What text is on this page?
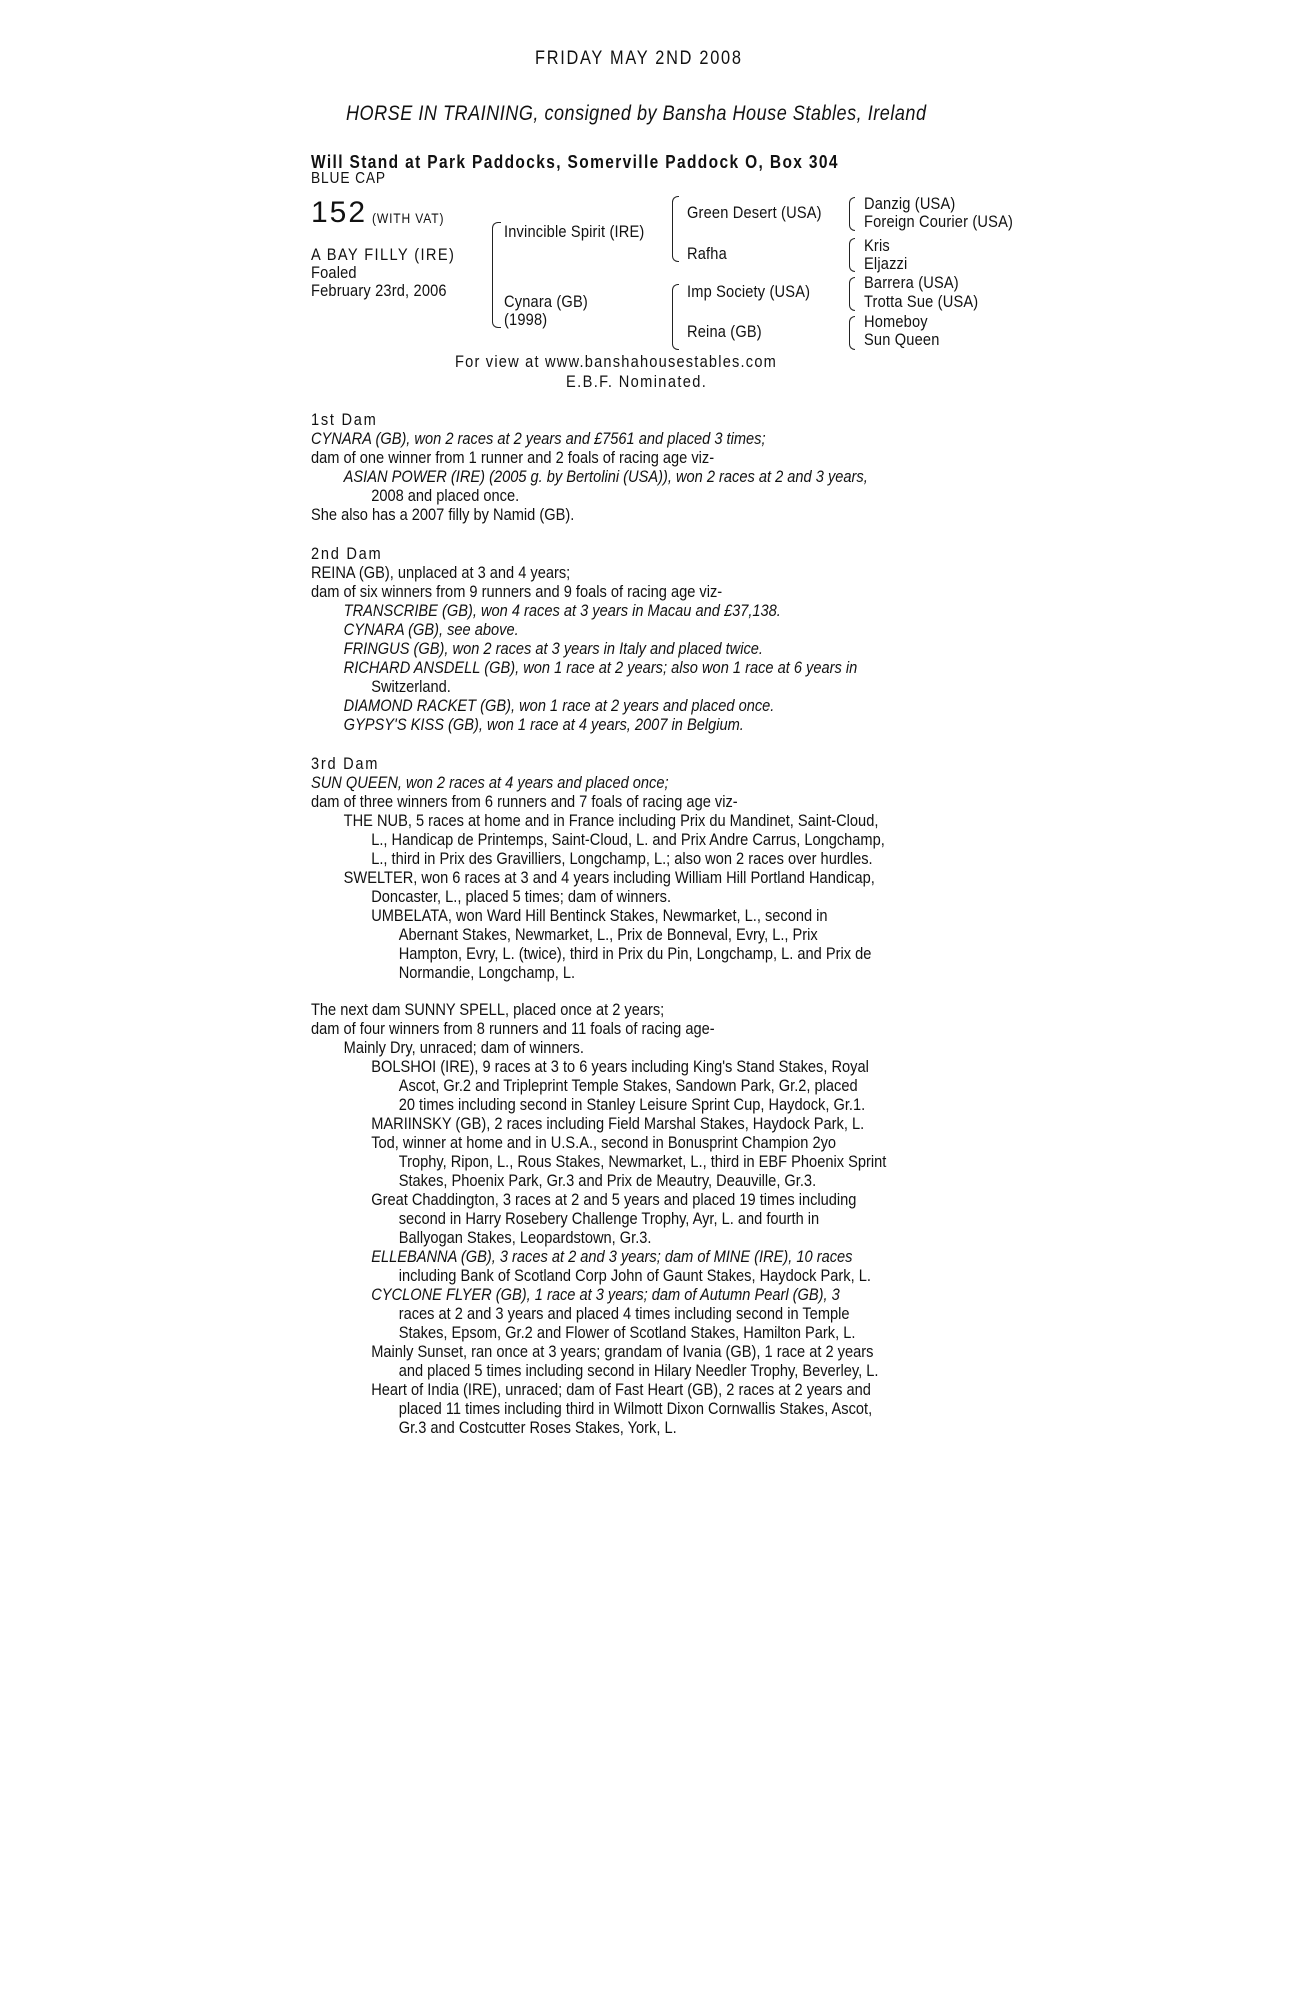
FRIDAY MAY 2ND 2008
HORSE IN TRAINING, consigned by Bansha House Stables, Ireland
Will Stand at Park Paddocks, Somerville Paddock O, Box 304
BLUE CAP
152 (WITH VAT)
A BAY FILLY (IRE)
Foaled
February 23rd, 2006
Invincible Spirit (IRE)
Cynara (GB)
(1998)
Green Desert (USA)
Rafha
Imp Society (USA)
Reina (GB)
Danzig (USA)
Foreign Courier (USA)
Kris
Eljazzi
Barrera (USA)
Trotta Sue (USA)
Homeboy
Sun Queen
For view at www.banshahousestables.com
E.B.F. Nominated.
1st Dam
CYNARA (GB), won 2 races at 2 years and £7561 and placed 3 times;
dam of one winner from 1 runner and 2 foals of racing age viz-
ASIAN POWER (IRE) (2005 g. by Bertolini (USA)), won 2 races at 2 and 3 years,
2008 and placed once.
She also has a 2007 filly by Namid (GB).
2nd Dam
REINA (GB), unplaced at 3 and 4 years;
dam of six winners from 9 runners and 9 foals of racing age viz-
TRANSCRIBE (GB), won 4 races at 3 years in Macau and £37,138.
CYNARA (GB), see above.
FRINGUS (GB), won 2 races at 3 years in Italy and placed twice.
RICHARD ANSDELL (GB), won 1 race at 2 years; also won 1 race at 6 years in
Switzerland.
DIAMOND RACKET (GB), won 1 race at 2 years and placed once.
GYPSY'S KISS (GB), won 1 race at 4 years, 2007 in Belgium.
3rd Dam
SUN QUEEN, won 2 races at 4 years and placed once;
dam of three winners from 6 runners and 7 foals of racing age viz-
THE NUB, 5 races at home and in France including Prix du Mandinet, Saint-Cloud,
L., Handicap de Printemps, Saint-Cloud, L. and Prix Andre Carrus, Longchamp,
L., third in Prix des Gravilliers, Longchamp, L.; also won 2 races over hurdles.
SWELTER, won 6 races at 3 and 4 years including William Hill Portland Handicap,
Doncaster, L., placed 5 times; dam of winners.
UMBELATA, won Ward Hill Bentinck Stakes, Newmarket, L., second in
Abernant Stakes, Newmarket, L., Prix de Bonneval, Evry, L., Prix
Hampton, Evry, L. (twice), third in Prix du Pin, Longchamp, L. and Prix de
Normandie, Longchamp, L.
The next dam SUNNY SPELL, placed once at 2 years;
dam of four winners from 8 runners and 11 foals of racing age-
Mainly Dry, unraced; dam of winners.
BOLSHOI (IRE), 9 races at 3 to 6 years including King's Stand Stakes, Royal
Ascot, Gr.2 and Tripleprint Temple Stakes, Sandown Park, Gr.2, placed
20 times including second in Stanley Leisure Sprint Cup, Haydock, Gr.1.
MARIINSKY (GB), 2 races including Field Marshal Stakes, Haydock Park, L.
Tod, winner at home and in U.S.A., second in Bonusprint Champion 2yo
Trophy, Ripon, L., Rous Stakes, Newmarket, L., third in EBF Phoenix Sprint
Stakes, Phoenix Park, Gr.3 and Prix de Meautry, Deauville, Gr.3.
Great Chaddington, 3 races at 2 and 5 years and placed 19 times including
second in Harry Rosebery Challenge Trophy, Ayr, L. and fourth in
Ballyogan Stakes, Leopardstown, Gr.3.
ELLEBANNA (GB), 3 races at 2 and 3 years; dam of MINE (IRE), 10 races
including Bank of Scotland Corp John of Gaunt Stakes, Haydock Park, L.
CYCLONE FLYER (GB), 1 race at 3 years; dam of Autumn Pearl (GB), 3
races at 2 and 3 years and placed 4 times including second in Temple
Stakes, Epsom, Gr.2 and Flower of Scotland Stakes, Hamilton Park, L.
Mainly Sunset, ran once at 3 years; grandam of Ivania (GB), 1 race at 2 years
and placed 5 times including second in Hilary Needler Trophy, Beverley, L.
Heart of India (IRE), unraced; dam of Fast Heart (GB), 2 races at 2 years and
placed 11 times including third in Wilmott Dixon Cornwallis Stakes, Ascot,
Gr.3 and Costcutter Roses Stakes, York, L.
